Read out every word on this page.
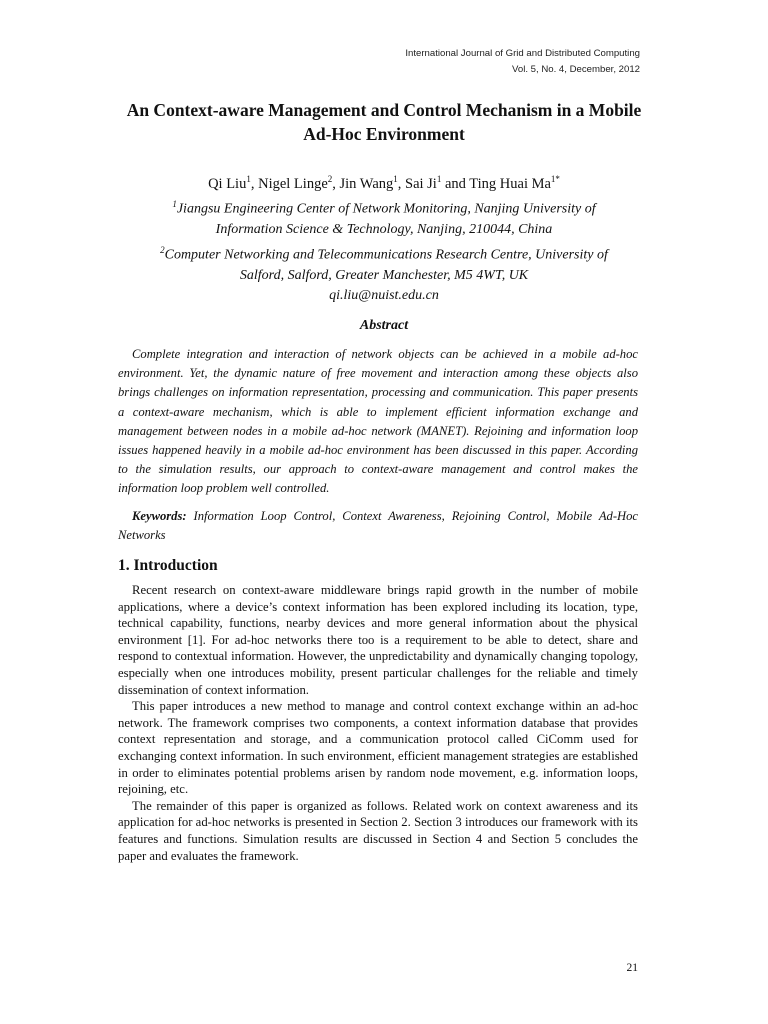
International Journal of Grid and Distributed Computing
Vol. 5, No. 4, December, 2012
An Context-aware Management and Control Mechanism in a Mobile
Ad-Hoc Environment
Qi Liu$^1$, Nigel Linge$^2$, Jin Wang$^1$, Sai Ji$^1$ and Ting Huai $Ma^{1*}$
$^1$Jiangsu Engineering Center of Network Monitoring, Nanjing University of
Information Science & Technology, Nanjing, 210044, China
$^2$Computer Networking and Telecommunications Research Centre, University of
Salford, Salford, Greater Manchester, M5 4WT, UK
qi.liu@nuist.edu.cn
Abstract
Complete integration and interaction of network objects can be achieved in a mobile ad-hoc environment. Yet, the dynamic nature of free movement and interaction among these objects also brings challenges on information representation, processing and communication. This paper presents a context-aware mechanism, which is able to implement efficient information exchange and management between nodes in a mobile ad-hoc network (MANET). Rejoining and information loop issues happened heavily in a mobile ad-hoc environment has been discussed in this paper. According to the simulation results, our approach to context-aware management and control makes the information loop problem well controlled.
Keywords: Information Loop Control, Context Awareness, Rejoining Control, Mobile Ad-Hoc Networks
1. Introduction

Recent research on context-aware middleware brings rapid growth in the number of mobile applications, where a device’s context information has been explored including its location, type, technical capability, functions, nearby devices and more general information about the physical environment [1]. For ad-hoc networks there too is a requirement to be able to detect, share and respond to contextual information. However, the unpredictability and dynamically changing topology, especially when one introduces mobility, present particular challenges for the reliable and timely dissemination of context information.

This paper introduces a new method to manage and control context exchange within an ad-hoc network. The framework comprises two components, a context information database that provides context representation and storage, and a communication protocol called CiComm used for exchanging context information. In such environment, efficient management strategies are established in order to eliminates potential problems arisen by random node movement, e.g. information loops, rejoining, etc.

The remainder of this paper is organized as follows. Related work on context awareness and its application for ad-hoc networks is presented in Section 2. Section 3 introduces our framework with its features and functions. Simulation results are discussed in Section 4 and Section 5 concludes the paper and evaluates the framework.

21
